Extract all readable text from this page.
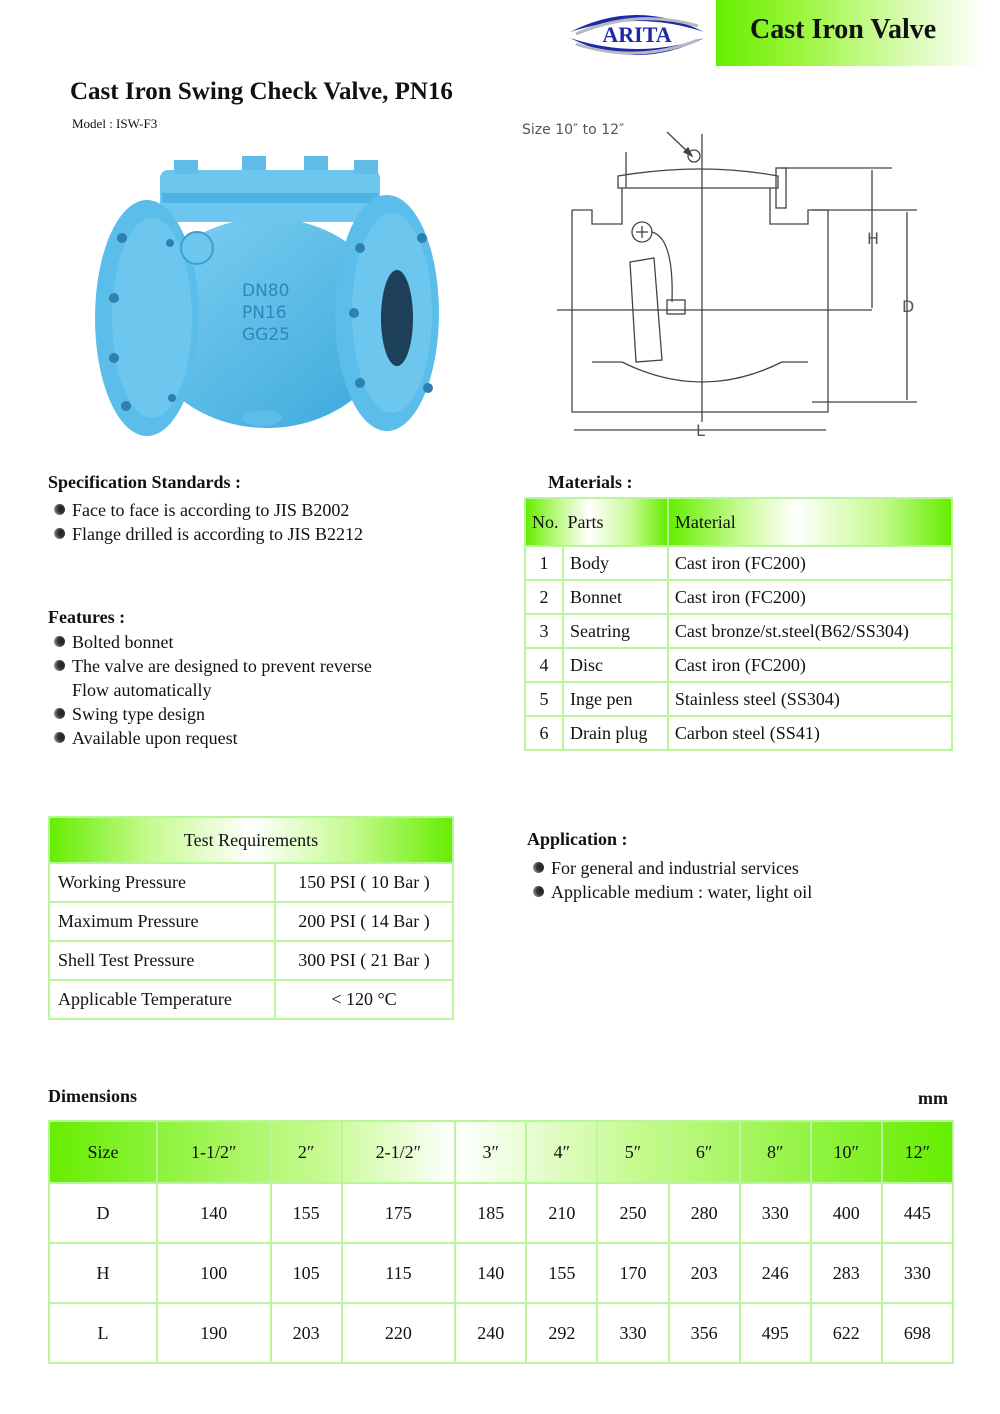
ARITA	Cast Iron Valve
Cast Iron Swing Check Valve, PN16
Model : ISW-F3
DN80
PN16
GG25
Size 10″ to 12″
H
D
L
Specification Standards :
Face to face is according to JIS B2002
Flange drilled is according to JIS B2212
Features :
Bolted bonnet
The valve are designed to prevent reverse
Flow automatically
Swing type design
Available upon request
Materials :
No. Parts		Material
1	Body	Cast iron (FC200)
2	Bonnet	Cast iron (FC200)
3	Seatring	Cast bronze/st.steel(B62/SS304)
4	Disc	Cast iron (FC200)
5	Inge pen	Stainless steel (SS304)
6	Drain plug	Carbon steel (SS41)
Test Requirements	
Working Pressure	150 PSI ( 10 Bar )
Maximum Pressure	200 PSI ( 14 Bar )
Shell Test Pressure	300 PSI ( 21 Bar )
Applicable Temperature	< 120 °C
Application :
For general and industrial services
Applicable medium : water, light oil
Dimensions	mm
Size	1-1/2″	2″	2-1/2″	3″	4″	5″	6″	8″	10″	12″
D	140	155	175	185	210	250	280	330	400	445
H	100	105	115	140	155	170	203	246	283	330
L	190	203	220	240	292	330	356	495	622	698
